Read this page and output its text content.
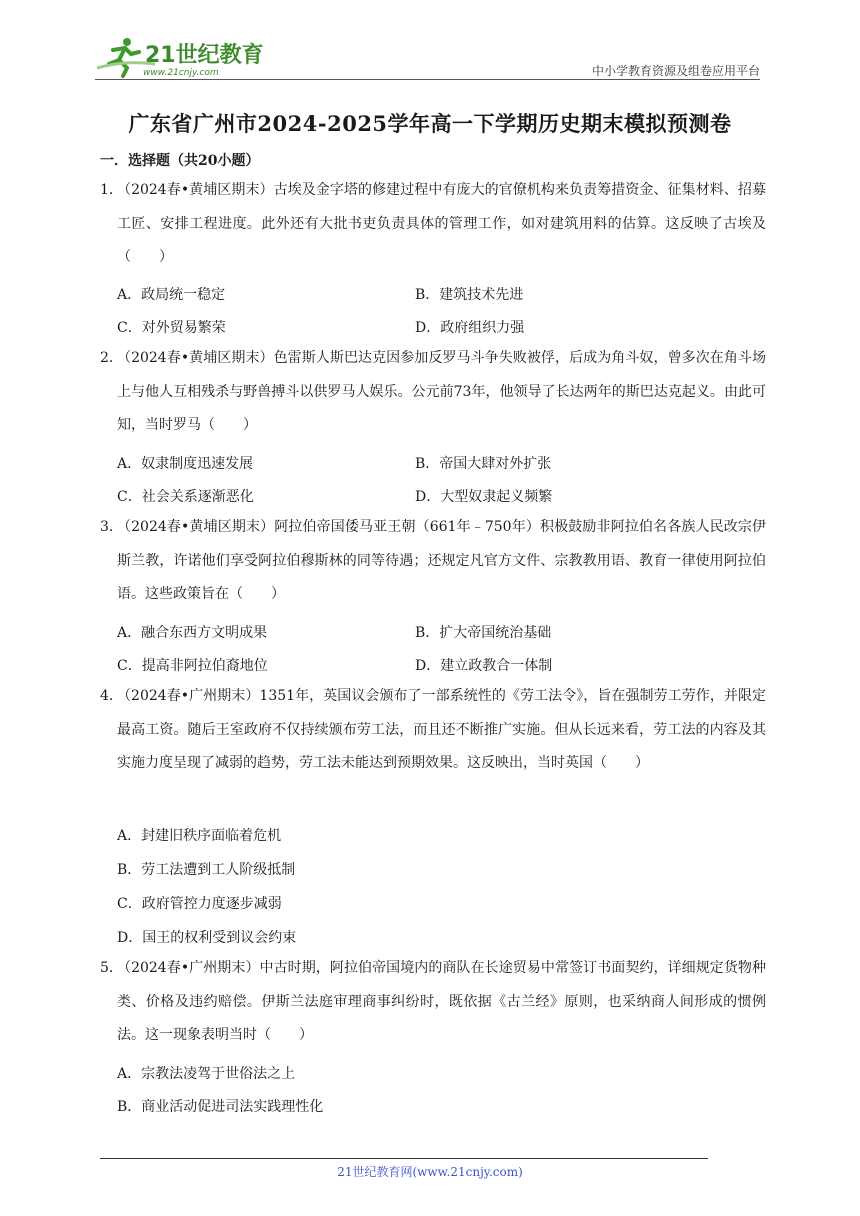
21世纪教育
www.21cnjy.com	中小学教育资源及组卷应用平台
广东省广州市2024-2025学年高一下学期历史期末模拟预测卷
一．选择题（共20小题）
1．
（2024春•黄埔区期末）古埃及金字塔的修建过程中有庞大的官僚机构来负责筹措资金、征集材料、招募工匠、安排工程进度。此外还有大批书吏负责具体的管理工作，如对建筑用料的估算。这反映了古埃及（　　）
A．政局统一稳定	B．建筑技术先进
C．对外贸易繁荣	D．政府组织力强
2．
（2024春•黄埔区期末）色雷斯人斯巴达克因参加反罗马斗争失败被俘，后成为角斗奴，曾多次在角斗场上与他人互相残杀与野兽搏斗以供罗马人娱乐。公元前73年，他领导了长达两年的斯巴达克起义。由此可知，当时罗马（　　）
A．奴隶制度迅速发展	B．帝国大肆对外扩张
C．社会关系逐渐恶化	D．大型奴隶起义频繁
3．
（2024春•黄埔区期末）阿拉伯帝国倭马亚王朝（661年﹣750年）积极鼓励非阿拉伯名各族人民改宗伊斯兰教，许诺他们享受阿拉伯穆斯林的同等待遇；还规定凡官方文件、宗教教用语、教育一律使用阿拉伯语。这些政策旨在（　　）
A．融合东西方文明成果	B．扩大帝国统治基础
C．提高非阿拉伯裔地位	D．建立政教合一体制
4．
（2024春•广州期末）1351年，英国议会颁布了一部系统性的《劳工法令》，旨在强制劳工劳作，并限定最高工资。随后王室政府不仅持续颁布劳工法，而且还不断推广实施。但从长远来看，劳工法的内容及其实施力度呈现了减弱的趋势，劳工法未能达到预期效果。这反映出，当时英国（　　）
A．封建旧秩序面临着危机
B．劳工法遭到工人阶级抵制
C．政府管控力度逐步减弱
D．国王的权利受到议会约束
5．
（2024春•广州期末）中古时期，阿拉伯帝国境内的商队在长途贸易中常签订书面契约，详细规定货物种类、价格及违约赔偿。伊斯兰法庭审理商事纠纷时，既依据《古兰经》原则，也采纳商人间形成的惯例法。这一现象表明当时（　　）
A．宗教法凌驾于世俗法之上
B．商业活动促进司法实践理性化
21世纪教育网(www.21cnjy.com)
